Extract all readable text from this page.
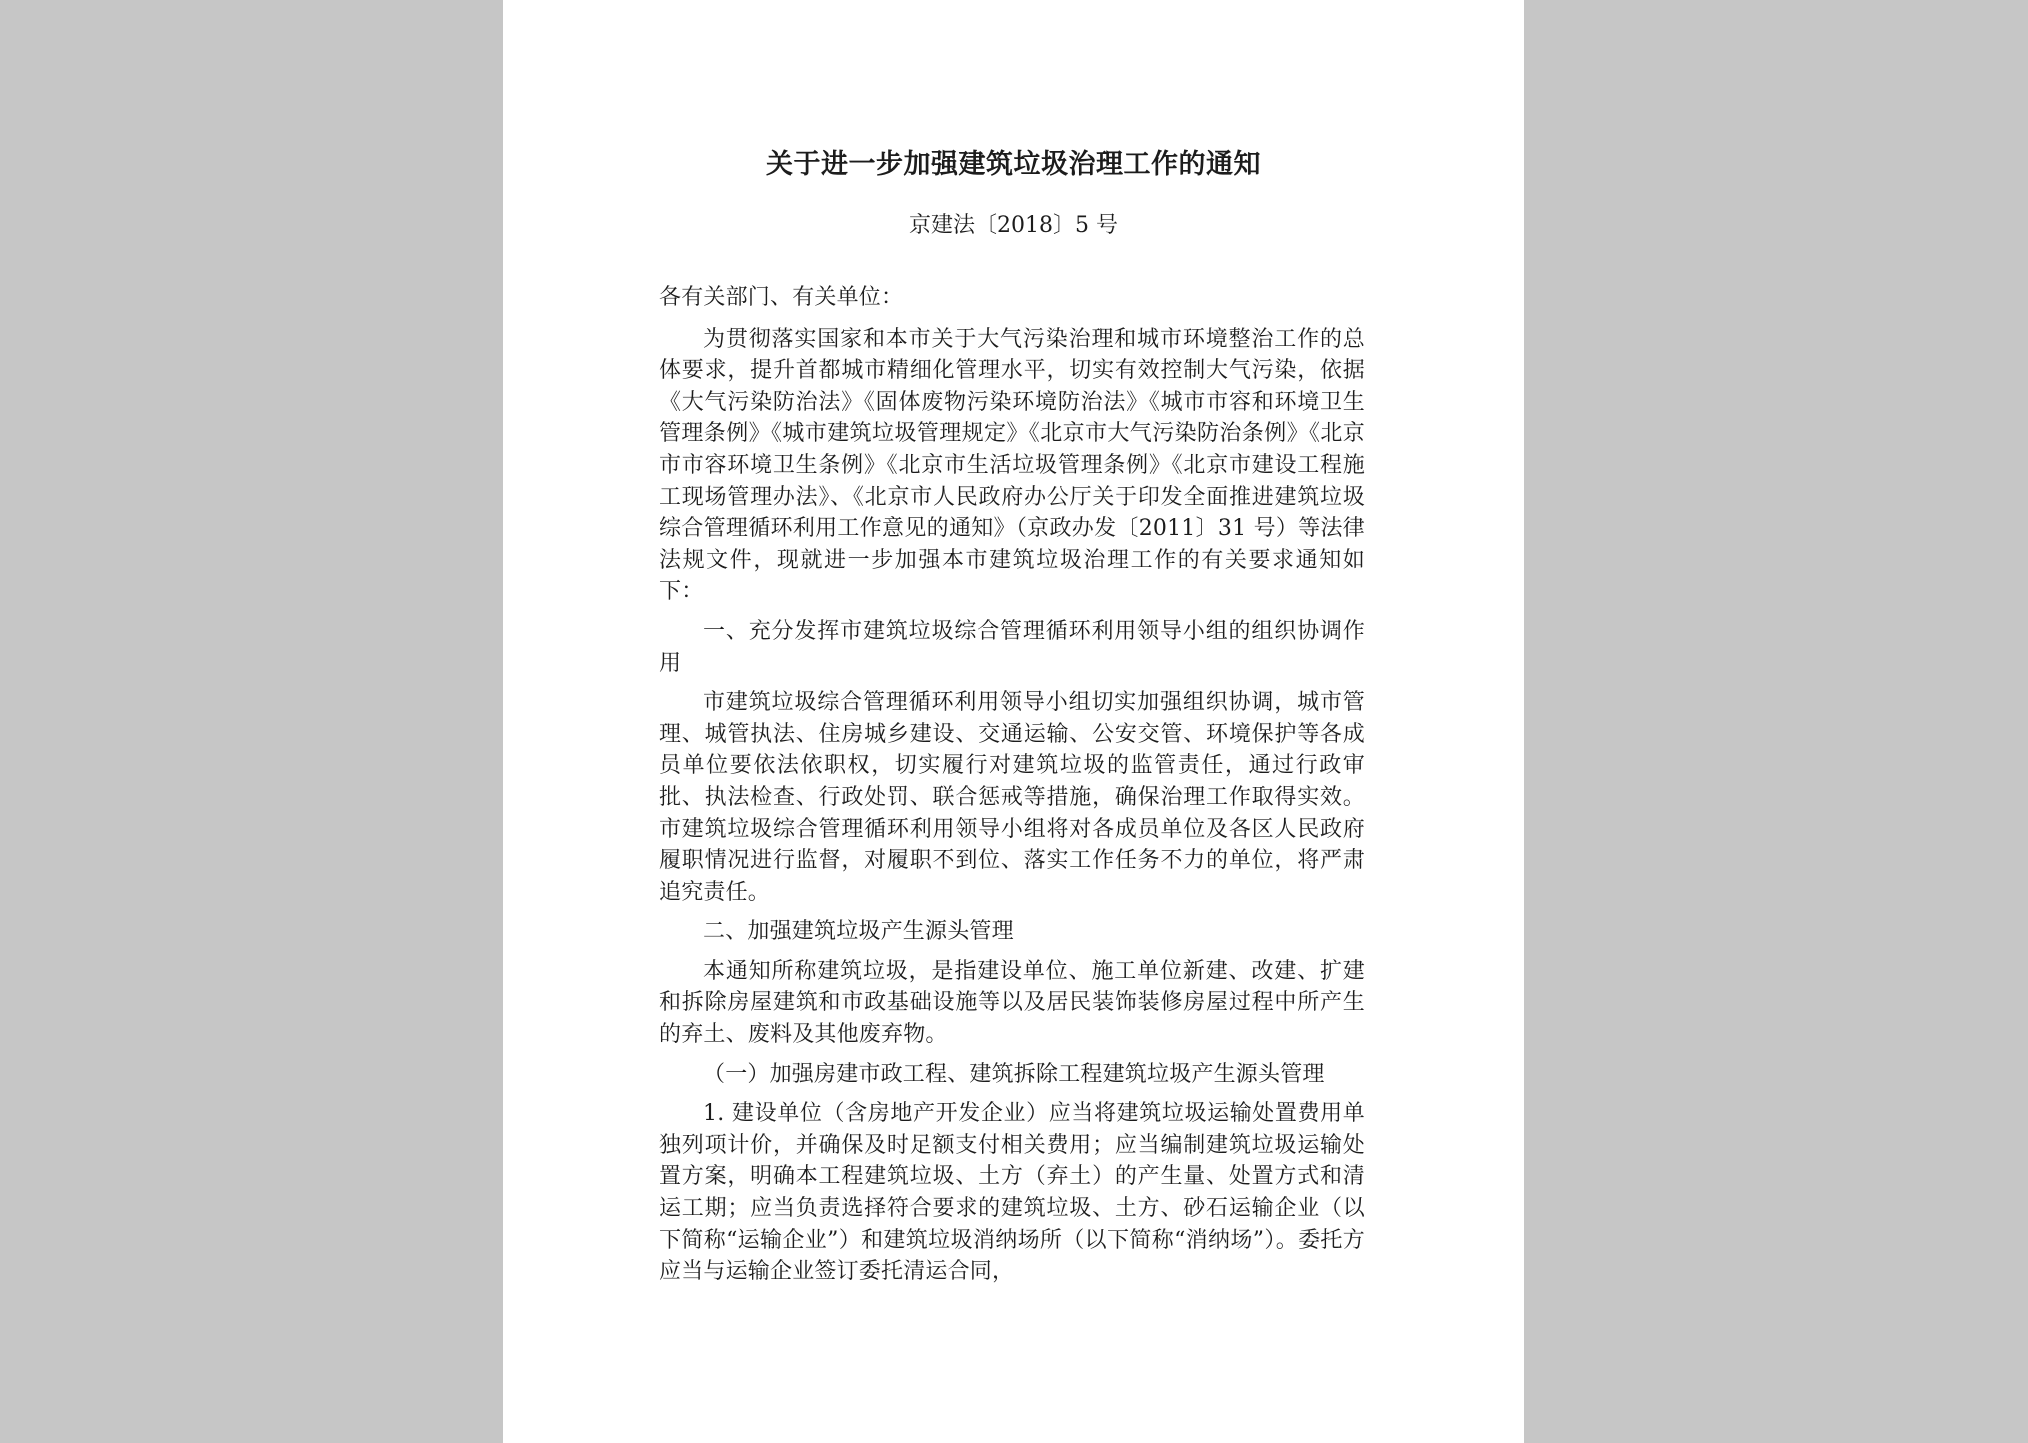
关于进一步加强建筑垃圾治理工作的通知
京建法〔2018〕5 号

各有关部门、有关单位：

为贯彻落实国家和本市关于大气污染治理和城市环境整治工作的总体要求，提升首都城市精细化管理水平，切实有效控制大气污染，依据《大气污染防治法》《固体废物污染环境防治法》《城市市容和环境卫生管理条例》《城市建筑垃圾管理规定》《北京市大气污染防治条例》《北京市市容环境卫生条例》《北京市生活垃圾管理条例》《北京市建设工程施工现场管理办法》、《北京市人民政府办公厅关于印发全面推进建筑垃圾综合管理循环利用工作意见的通知》（京政办发〔2011〕31 号）等法律法规文件，现就进一步加强本市建筑垃圾治理工作的有关要求通知如下：

一、充分发挥市建筑垃圾综合管理循环利用领导小组的组织协调作用

市建筑垃圾综合管理循环利用领导小组切实加强组织协调，城市管理、城管执法、住房城乡建设、交通运输、公安交管、环境保护等各成员单位要依法依职权，切实履行对建筑垃圾的监管责任，通过行政审批、执法检查、行政处罚、联合惩戒等措施，确保治理工作取得实效。市建筑垃圾综合管理循环利用领导小组将对各成员单位及各区人民政府履职情况进行监督，对履职不到位、落实工作任务不力的单位，将严肃追究责任。

二、加强建筑垃圾产生源头管理

本通知所称建筑垃圾，是指建设单位、施工单位新建、改建、扩建和拆除房屋建筑和市政基础设施等以及居民装饰装修房屋过程中所产生的弃土、废料及其他废弃物。

（一）加强房建市政工程、建筑拆除工程建筑垃圾产生源头管理

1. 建设单位（含房地产开发企业）应当将建筑垃圾运输处置费用单独列项计价，并确保及时足额支付相关费用；应当编制建筑垃圾运输处置方案，明确本工程建筑垃圾、土方（弃土）的产生量、处置方式和清运工期；应当负责选择符合要求的建筑垃圾、土方、砂石运输企业（以下简称“运输企业”）和建筑垃圾消纳场所（以下简称“消纳场”）。委托方应当与运输企业签订委托清运合同，
